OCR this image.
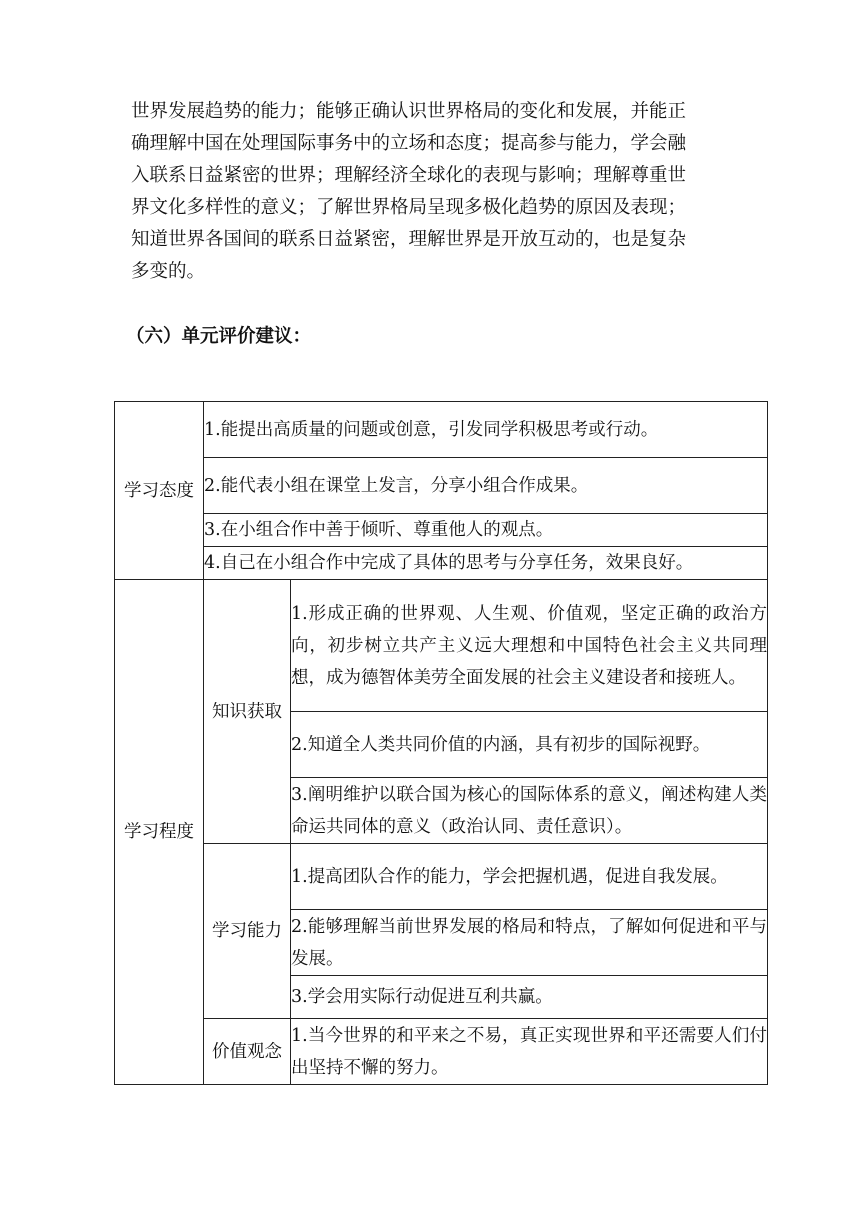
世界发展趋势的能力；能够正确认识世界格局的变化和发展，并能正
确理解中国在处理国际事务中的立场和态度；提高参与能力，学会融
入联系日益紧密的世界；理解经济全球化的表现与影响；理解尊重世
界文化多样性的意义；了解世界格局呈现多极化趋势的原因及表现；
知道世界各国间的联系日益紧密，理解世界是开放互动的，也是复杂
多变的。
（六）单元评价建议：
学习态度	1.能提出高质量的问题或创意，引发同学积极思考或行动。	

	2.能代表小组在课堂上发言，分享小组合作成果。	

	3.在小组合作中善于倾听、尊重他人的观点。	

	4.自己在小组合作中完成了具体的思考与分享任务，效果良好。	

学习程度	知识获取	1.形成正确的世界观、人生观、价值观，坚定正确的政治方向，初步树立共产主义远大理想和中国特色社会主义共同理想，成为德智体美劳全面发展的社会主义建设者和接班人。

		2.知道全人类共同价值的内涵，具有初步的国际视野。

		3.阐明维护以联合国为核心的国际体系的意义，阐述构建人类命运共同体的意义（政治认同、责任意识）。

	学习能力	1.提高团队合作的能力，学会把握机遇，促进自我发展。

		2.能够理解当前世界发展的格局和特点，了解如何促进和平与发展。

		3.学会用实际行动促进互利共赢。

	价值观念	1.当今世界的和平来之不易，真正实现世界和平还需要人们付出坚持不懈的努力。
